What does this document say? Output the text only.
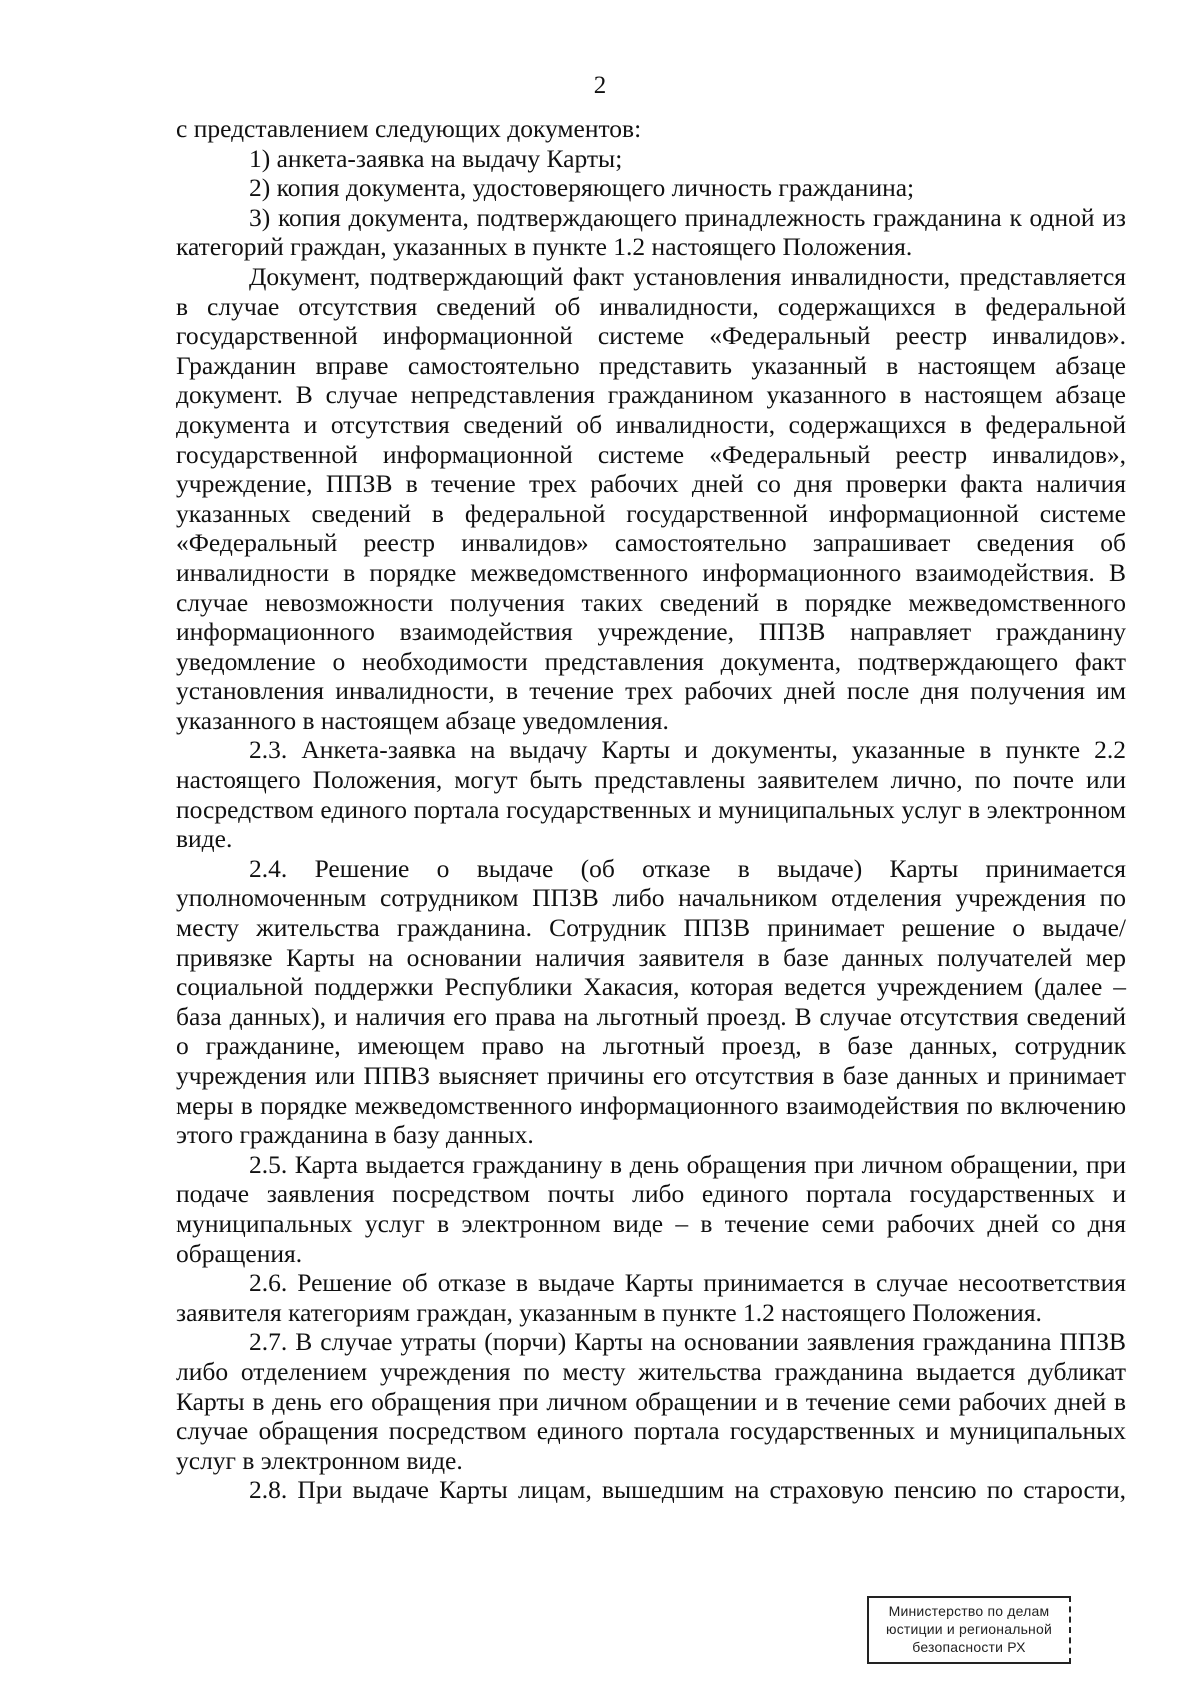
2

с представлением следующих документов:

1) анкета-заявка на выдачу Карты;

2) копия документа, удостоверяющего личность гражданина;

3) копия документа, подтверждающего принадлежность гражданина к одной из категорий граждан, указанных в пункте 1.2 настоящего Положения.

Документ, подтверждающий факт установления инвалидности, представляется в случае отсутствия сведений об инвалидности, содержащихся в федеральной государственной информационной системе «Федеральный реестр инвалидов». Гражданин вправе самостоятельно представить указанный в настоящем абзаце документ. В случае непредставления гражданином указанного в настоящем абзаце документа и отсутствия сведений об инвалидности, содержащихся в федеральной государственной информационной системе «Федеральный реестр инвалидов», учреждение, ППЗВ в течение трех рабочих дней со дня проверки факта наличия указанных сведений в федеральной государственной информационной системе «Федеральный реестр инвалидов» самостоятельно запрашивает сведения об инвалидности в порядке межведомственного информационного взаимодействия. В случае невозможности получения таких сведений в порядке межведомственного информационного взаимодействия учреждение, ППЗВ направляет гражданину уведомление о необходимости представления документа, подтверждающего факт установления инвалидности, в течение трех рабочих дней после дня получения им указанного в настоящем абзаце уведомления.

2.3. Анкета-заявка на выдачу Карты и документы, указанные в пункте 2.2 настоящего Положения, могут быть представлены заявителем лично, по почте или посредством единого портала государственных и муниципальных услуг в электронном виде.

2.4. Решение о выдаче (об отказе в выдаче) Карты принимается уполномоченным сотрудником ППЗВ либо начальником отделения учреждения по месту жительства гражданина. Сотрудник ППЗВ принимает решение о выдаче/привязке Карты на основании наличия заявителя в базе данных получателей мер социальной поддержки Республики Хакасия, которая ведется учреждением (далее – база данных), и наличия его права на льготный проезд. В случае отсутствия сведений о гражданине, имеющем право на льготный проезд, в базе данных, сотрудник учреждения или ППВЗ выясняет причины его отсутствия в базе данных и принимает меры в порядке межведомственного информационного взаимодействия по включению этого гражданина в базу данных.

2.5. Карта выдается гражданину в день обращения при личном обращении, при подаче заявления посредством почты либо единого портала государственных и муниципальных услуг в электронном виде – в течение семи рабочих дней со дня обращения.

2.6. Решение об отказе в выдаче Карты принимается в случае несоответствия заявителя категориям граждан, указанным в пункте 1.2 настоящего Положения.

2.7. В случае утраты (порчи) Карты на основании заявления гражданина ППЗВ либо отделением учреждения по месту жительства гражданина выдается дубликат Карты в день его обращения при личном обращении и в течение семи рабочих дней в случае обращения посредством единого портала государственных и муниципальных услуг в электронном виде.

2.8. При выдаче Карты лицам, вышедшим на страховую пенсию по старости,

Министерство по делам
юстиции и региональной
безопасности РХ
